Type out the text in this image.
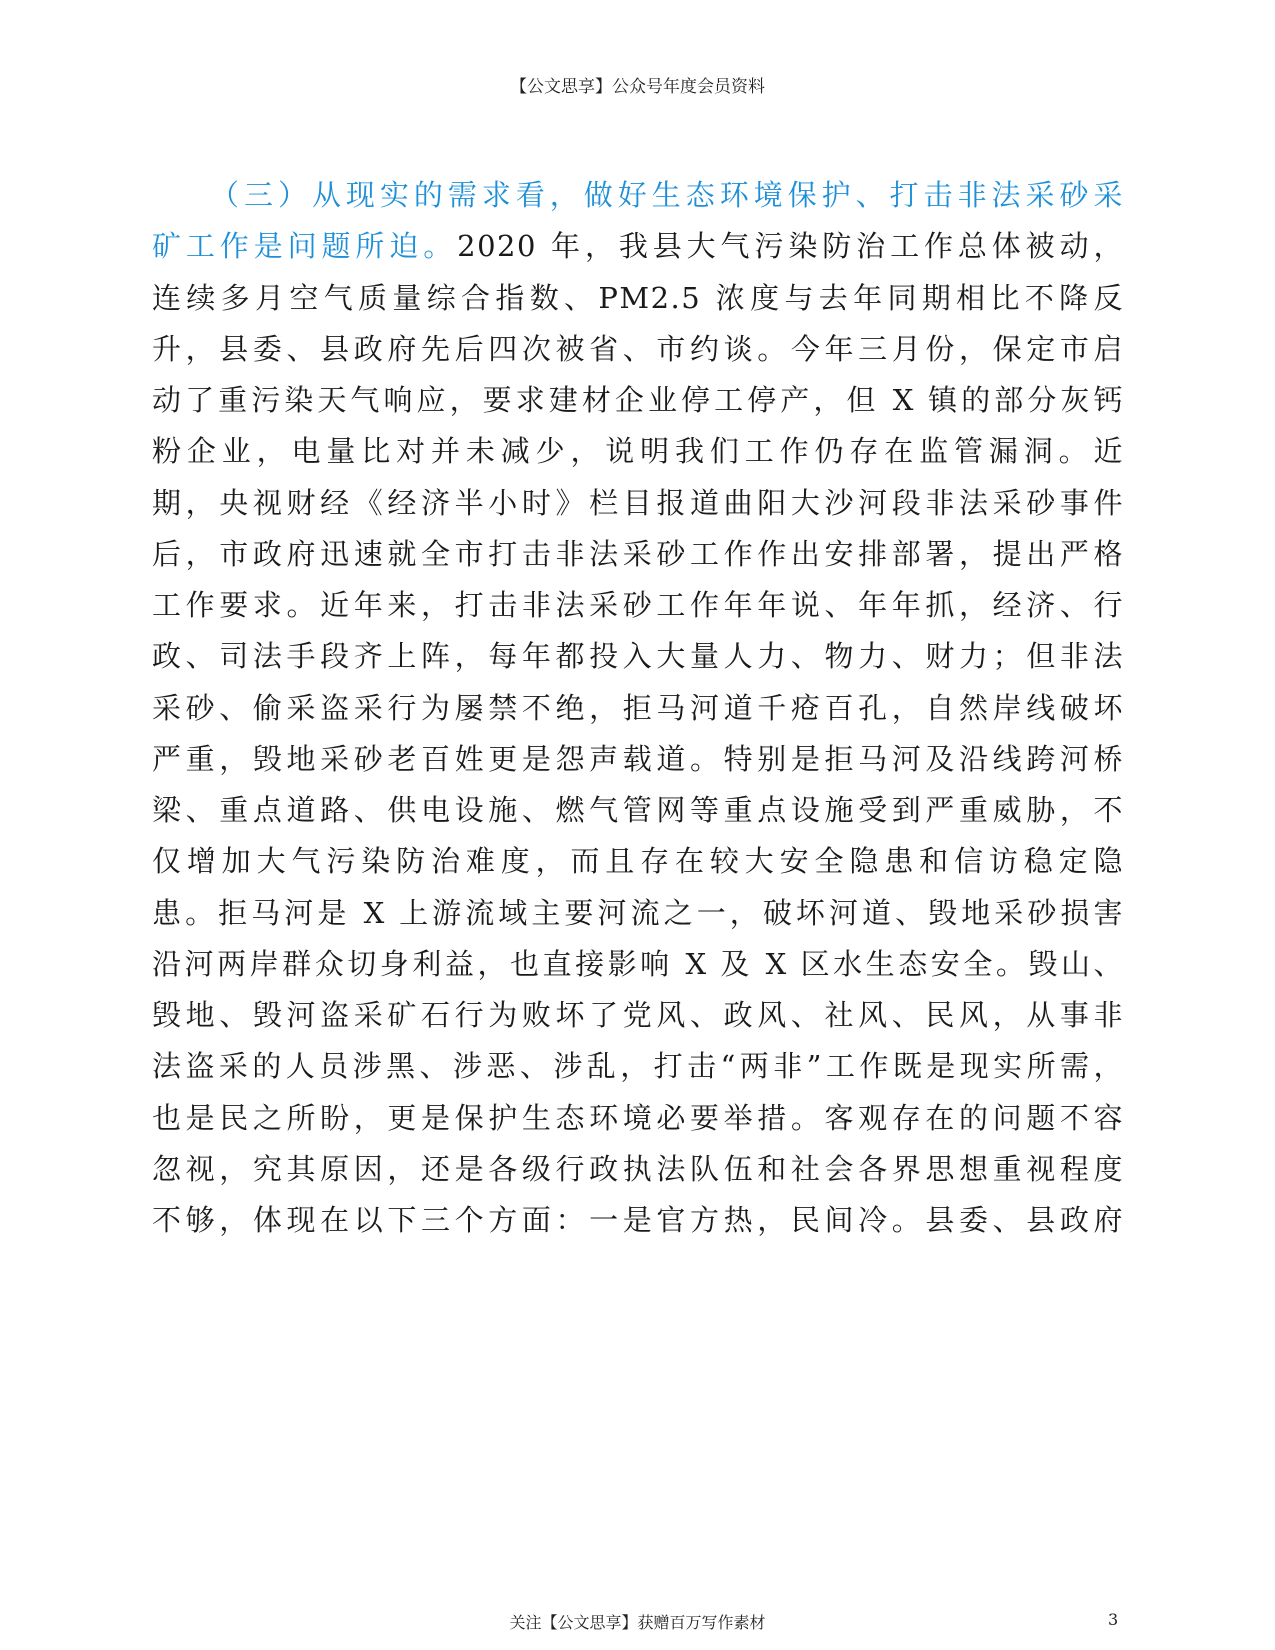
【公文思享】公众号年度会员资料
（三）从现实的需求看，做好生态环境保护、打击非法采砂采
矿工作是问题所迫。2020 年，我县大气污染防治工作总体被动，
连续多月空气质量综合指数、PM2.5 浓度与去年同期相比不降反
升，县委、县政府先后四次被省、市约谈。今年三月份，保定市启
动了重污染天气响应，要求建材企业停工停产，但 X 镇的部分灰钙
粉企业，电量比对并未减少，说明我们工作仍存在监管漏洞。近
期，央视财经《经济半小时》栏目报道曲阳大沙河段非法采砂事件
后，市政府迅速就全市打击非法采砂工作作出安排部署，提出严格
工作要求。近年来，打击非法采砂工作年年说、年年抓，经济、行
政、司法手段齐上阵，每年都投入大量人力、物力、财力；但非法
采砂、偷采盗采行为屡禁不绝，拒马河道千疮百孔，自然岸线破坏
严重，毁地采砂老百姓更是怨声载道。特别是拒马河及沿线跨河桥
梁、重点道路、供电设施、燃气管网等重点设施受到严重威胁，不
仅增加大气污染防治难度，而且存在较大安全隐患和信访稳定隐
患。拒马河是 X 上游流域主要河流之一，破坏河道、毁地采砂损害
沿河两岸群众切身利益，也直接影响 X 及 X 区水生态安全。毁山、
毁地、毁河盗采矿石行为败坏了党风、政风、社风、民风，从事非
法盗采的人员涉黑、涉恶、涉乱，打击“两非”工作既是现实所需，
也是民之所盼，更是保护生态环境必要举措。客观存在的问题不容
忽视，究其原因，还是各级行政执法队伍和社会各界思想重视程度
不够，体现在以下三个方面：一是官方热，民间冷。县委、县政府
关注【公文思享】获赠百万写作素材	3
